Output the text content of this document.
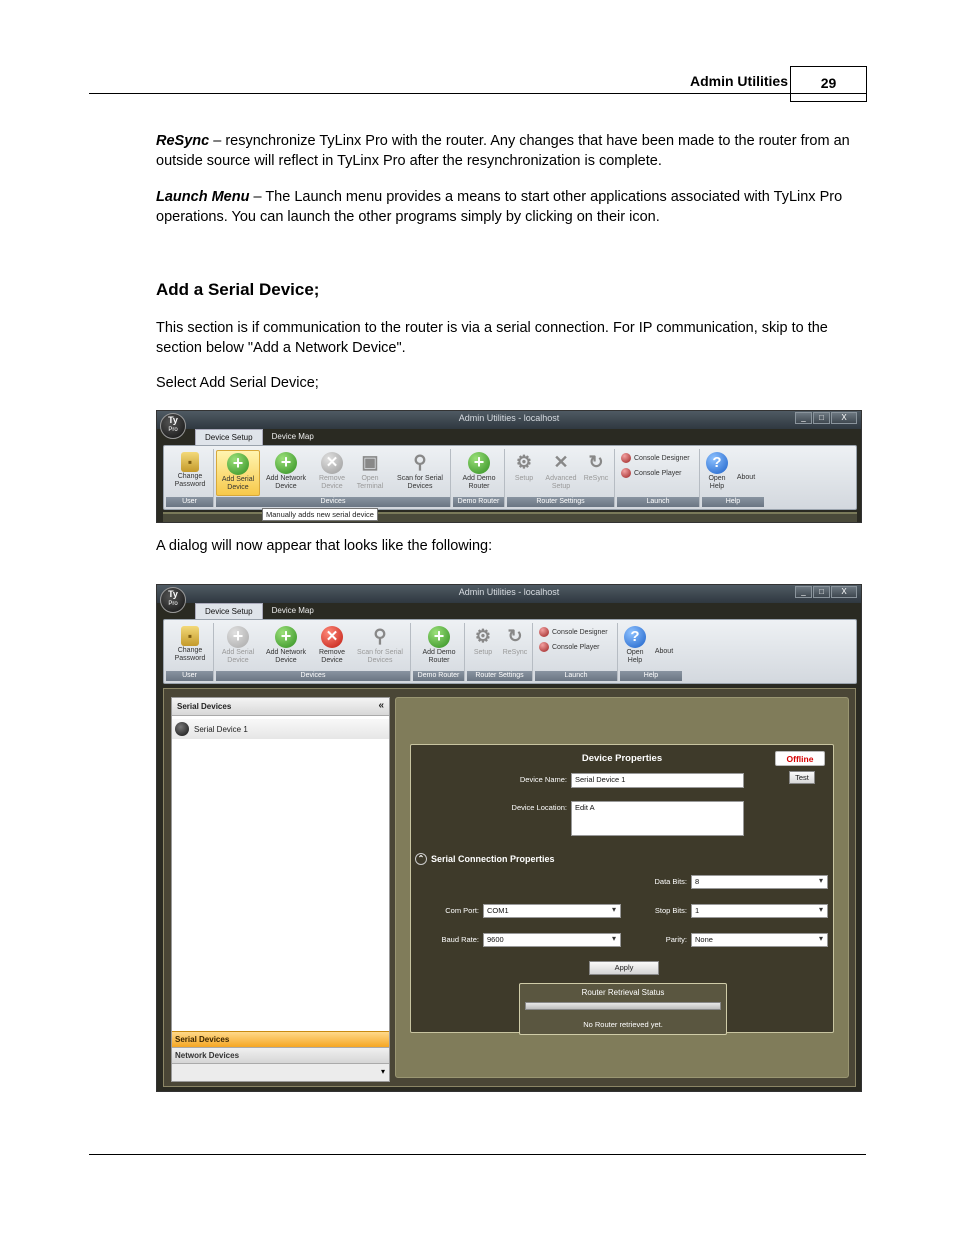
Admin Utilities	29

ReSync – resynchronize TyLinx Pro with the router. Any changes that have been made to the router from an outside source will reflect in TyLinx Pro after the resynchronization is complete.

Launch Menu – The Launch menu provides a means to start other applications associated with TyLinx Pro operations. You can launch the other programs simply by clicking on their icon.

Add a Serial Device;

This section is if communication to the router is via a serial connection. For IP communication, skip to the section below "Add a Network Device".

Select Add Serial Device;

A dialog will now appear that looks like the following:

Admin Utilities - localhost	_	□	X
Ty
Pro
Device Setup	Device Map
▪
Change Password
User
+
Add Serial Device
+
Add Network Device
✕
Remove Device
▣
Open Terminal
⚲
Scan for Serial Devices
Devices
+
Add Demo Router
Demo Router
⚙
Setup
✕
Advanced Setup
↻
ReSync
Router Settings
Console Designer
Console Player
Launch
?
Open Help
About
Help
Manually adds new serial device
Admin Utilities - localhost	_	□	X
Ty
Pro
Device Setup	Device Map
▪
Change Password
User
+
Add Serial Device
+
Add Network Device
✕
Remove Device
⚲
Scan for Serial Devices
Devices
+
Add Demo Router
Demo Router
⚙
Setup
↻
ReSync
Router Settings
Console Designer
Console Player
Launch
?
Open Help
About
Help
Serial Devices	«
Serial Device 1
Serial Devices
Network Devices
▾
Device Properties	Offline
Test
Device Name:	Serial Device 1
Device Location:	Edit A
⌃ Serial Connection Properties
Data Bits:	8 ▾
Com Port:	COM1 ▾	Stop Bits:	1 ▾
Baud Rate:	9600 ▾	Parity:	None ▾
Apply
Router Retrieval Status
No Router retrieved yet.
